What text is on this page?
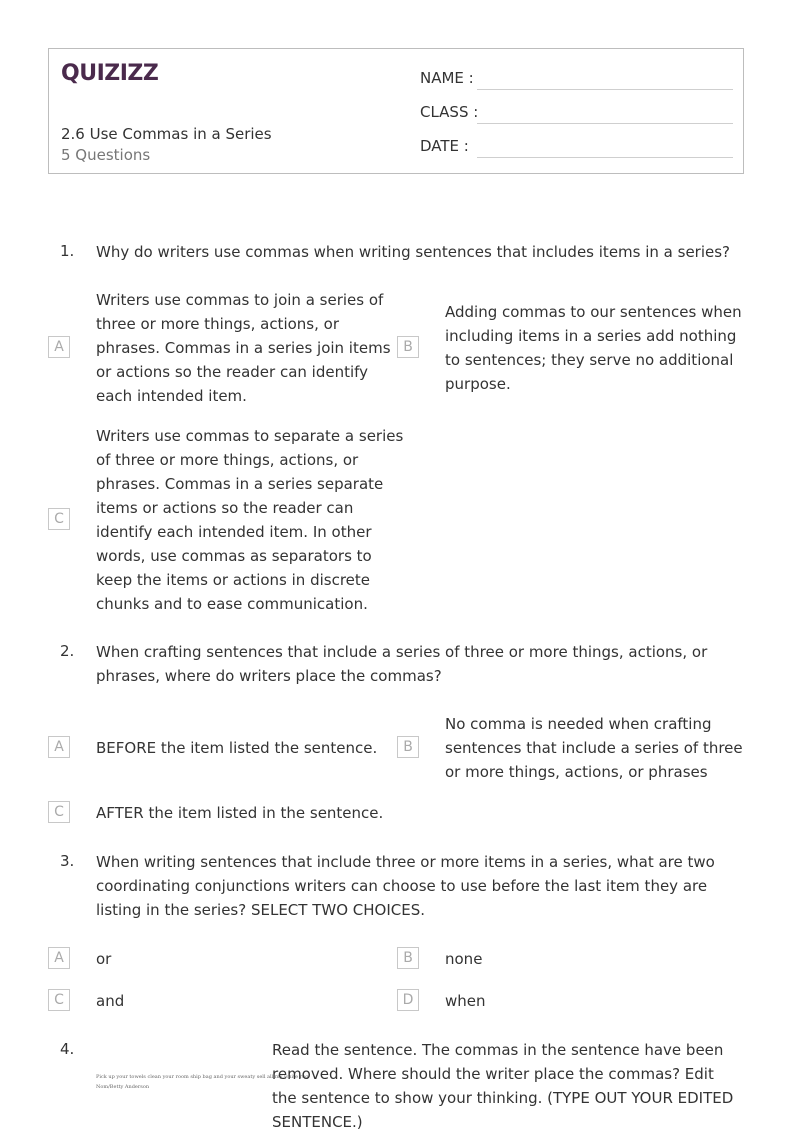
QUIZIZZ
2.6 Use Commas in a Series
5 Questions
NAME :
CLASS :
DATE :
1. Why do writers use commas when writing sentences that includes items in a series?
A
Writers use commas to join a series of three or more things, actions, or phrases. Commas in a series join items or actions so the reader can identify each intended item.
B
Adding commas to our sentences when including items in a series add nothing to sentences; they serve no additional purpose.
C
Writers use commas to separate a series of three or more things, actions, or phrases. Commas in a series separate items or actions so the reader can identify each intended item. In other words, use commas as separators to keep the items or actions in discrete chunks and to ease communication.
2. When crafting sentences that include a series of three or more things, actions, or phrases, where do writers place the commas?
A	BEFORE the item listed the sentence.	B
No comma is needed when crafting sentences that include a series of three or more things, actions, or phrases
C	AFTER the item listed in the sentence.
3. When writing sentences that include three or more items in a series, what are two coordinating conjunctions writers can choose to use before the last item they are listing in the series? SELECT TWO CHOICES.
A	or	B	none
C	and	D	when
4.
Pick up your towels clean your room ship bag and your sweaty sell all my white rug
Nom/Betty Anderson
Read the sentence. The commas in the sentence have been removed. Where should the writer place the commas? Edit the sentence to show your thinking. (TYPE OUT YOUR EDITED SENTENCE.)
